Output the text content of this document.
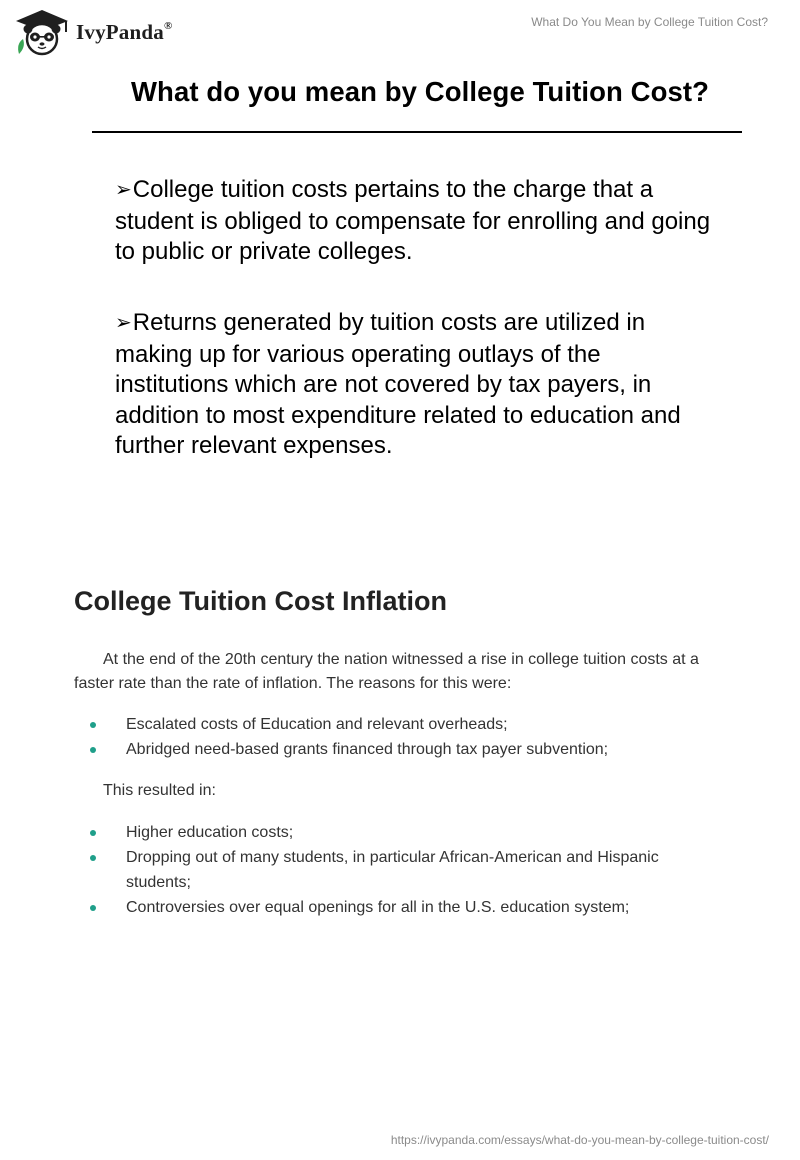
IvyPanda®	What Do You Mean by College Tuition Cost?
What do you mean by College Tuition Cost?
➢College tuition costs pertains to the charge that a student is obliged to compensate for enrolling and going to public or private colleges.
➢Returns generated by tuition costs are utilized in making up for various operating outlays of the institutions which are not covered by tax payers, in addition to most expenditure related to education and further relevant expenses.
College Tuition Cost Inflation
At the end of the 20th century the nation witnessed a rise in college tuition costs at a faster rate than the rate of inflation. The reasons for this were:
Escalated costs of Education and relevant overheads;
Abridged need-based grants financed through tax payer subvention;
This resulted in:
Higher education costs;
Dropping out of many students, in particular African-American and Hispanic students;
Controversies over equal openings for all in the U.S. education system;
https://ivypanda.com/essays/what-do-you-mean-by-college-tuition-cost/
